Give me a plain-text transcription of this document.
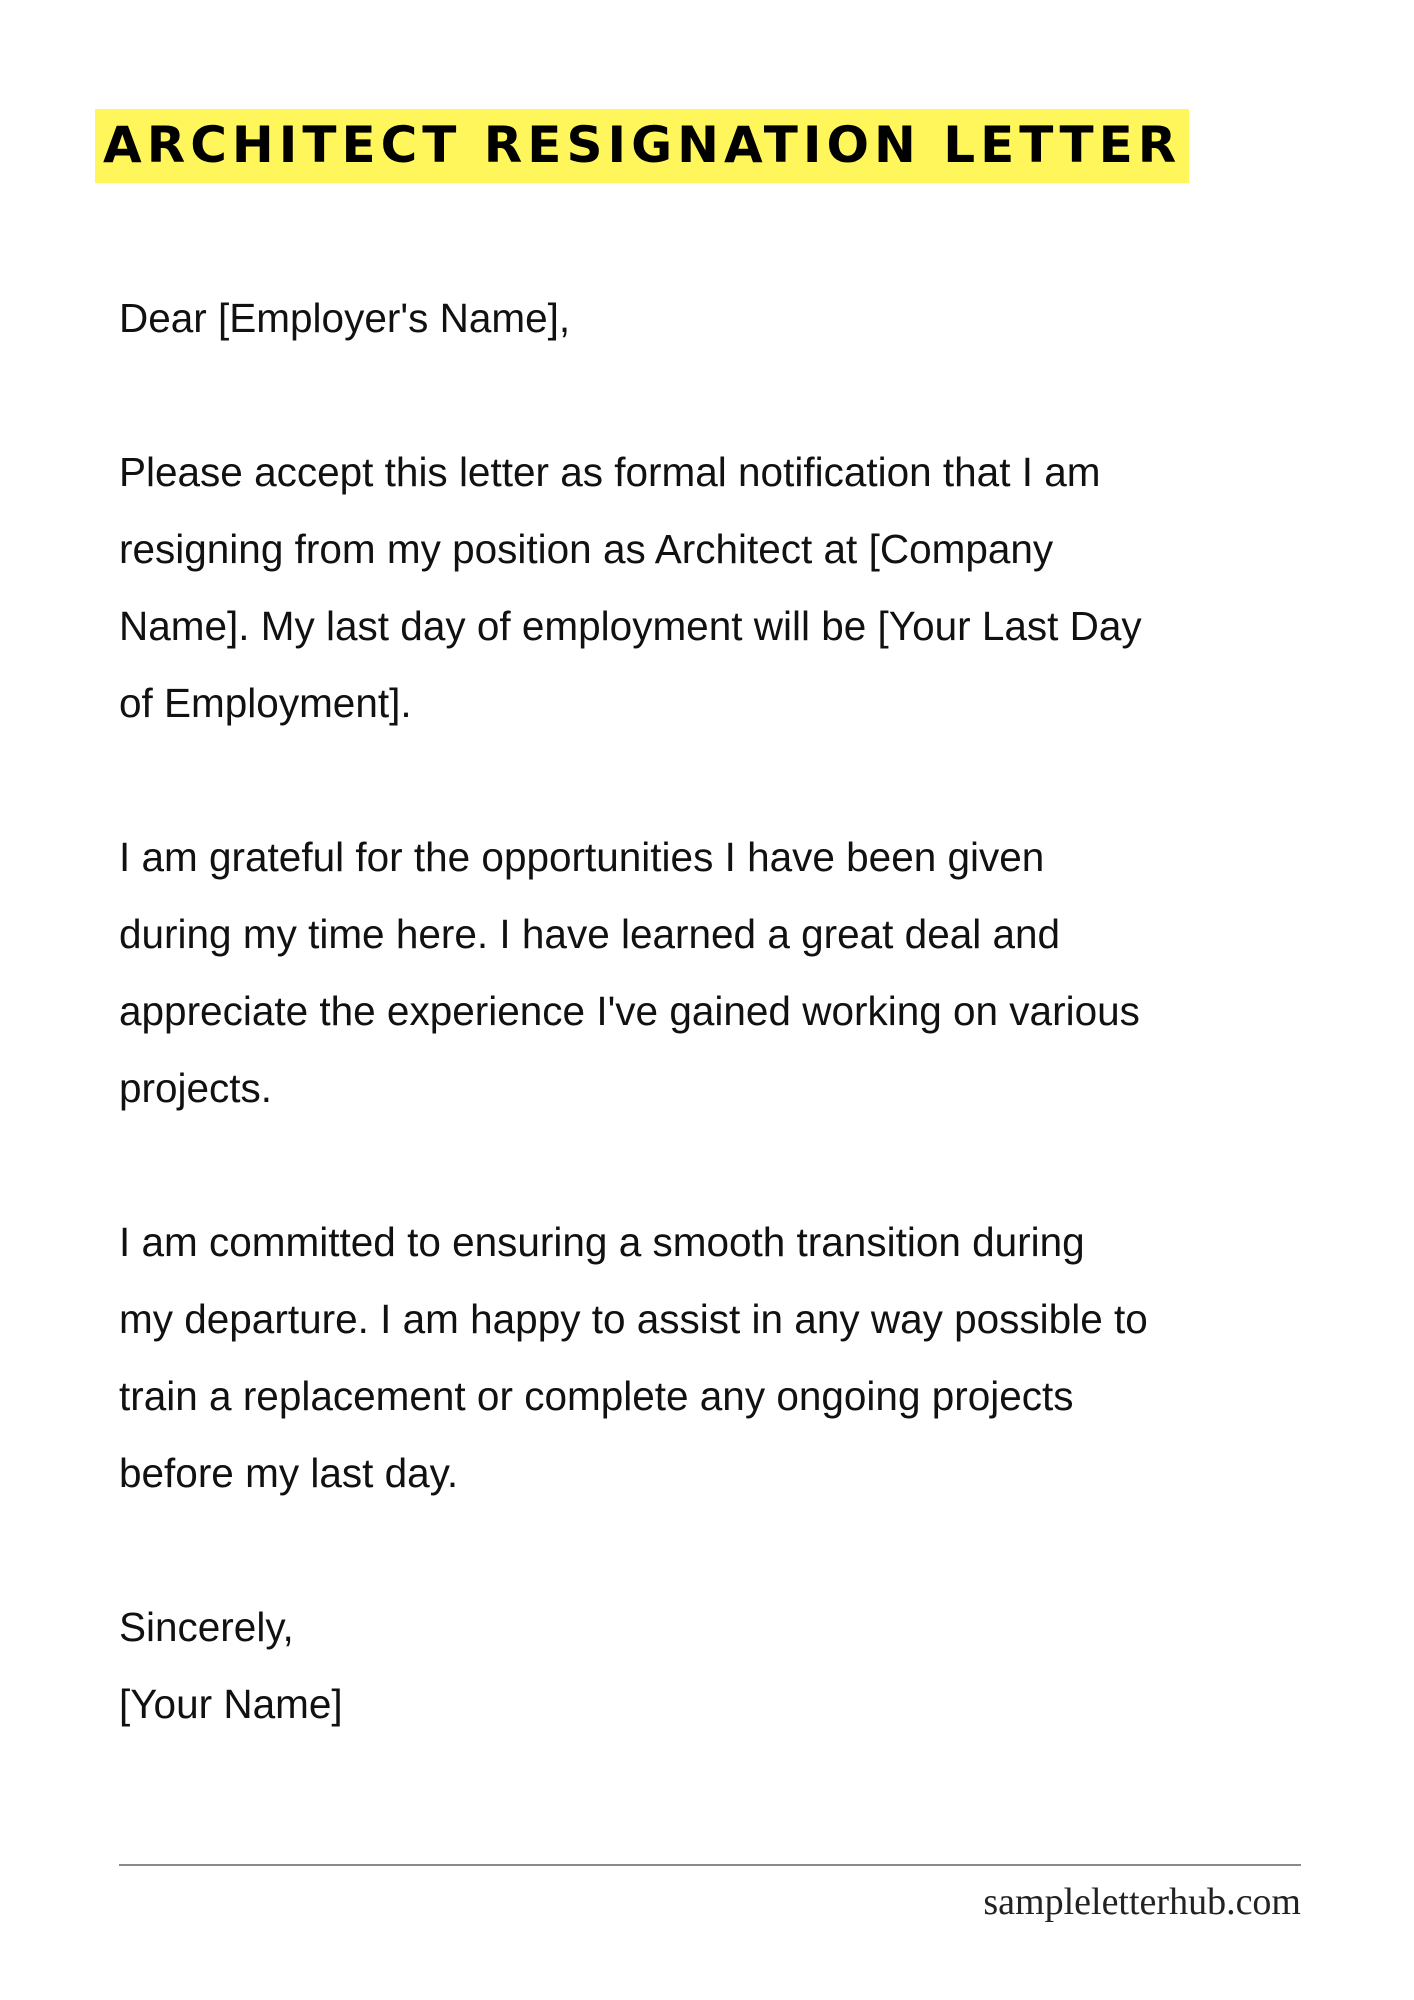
ARCHITECT RESIGNATION LETTER

Dear [Employer's Name],

Please accept this letter as formal notification that I am
resigning from my position as Architect at [Company
Name]. My last day of employment will be [Your Last Day
of Employment].

I am grateful for the opportunities I have been given
during my time here. I have learned a great deal and
appreciate the experience I've gained working on various
projects.

I am committed to ensuring a smooth transition during
my departure. I am happy to assist in any way possible to
train a replacement or complete any ongoing projects
before my last day.

Sincerely,
[Your Name]

sampleletterhub.com
